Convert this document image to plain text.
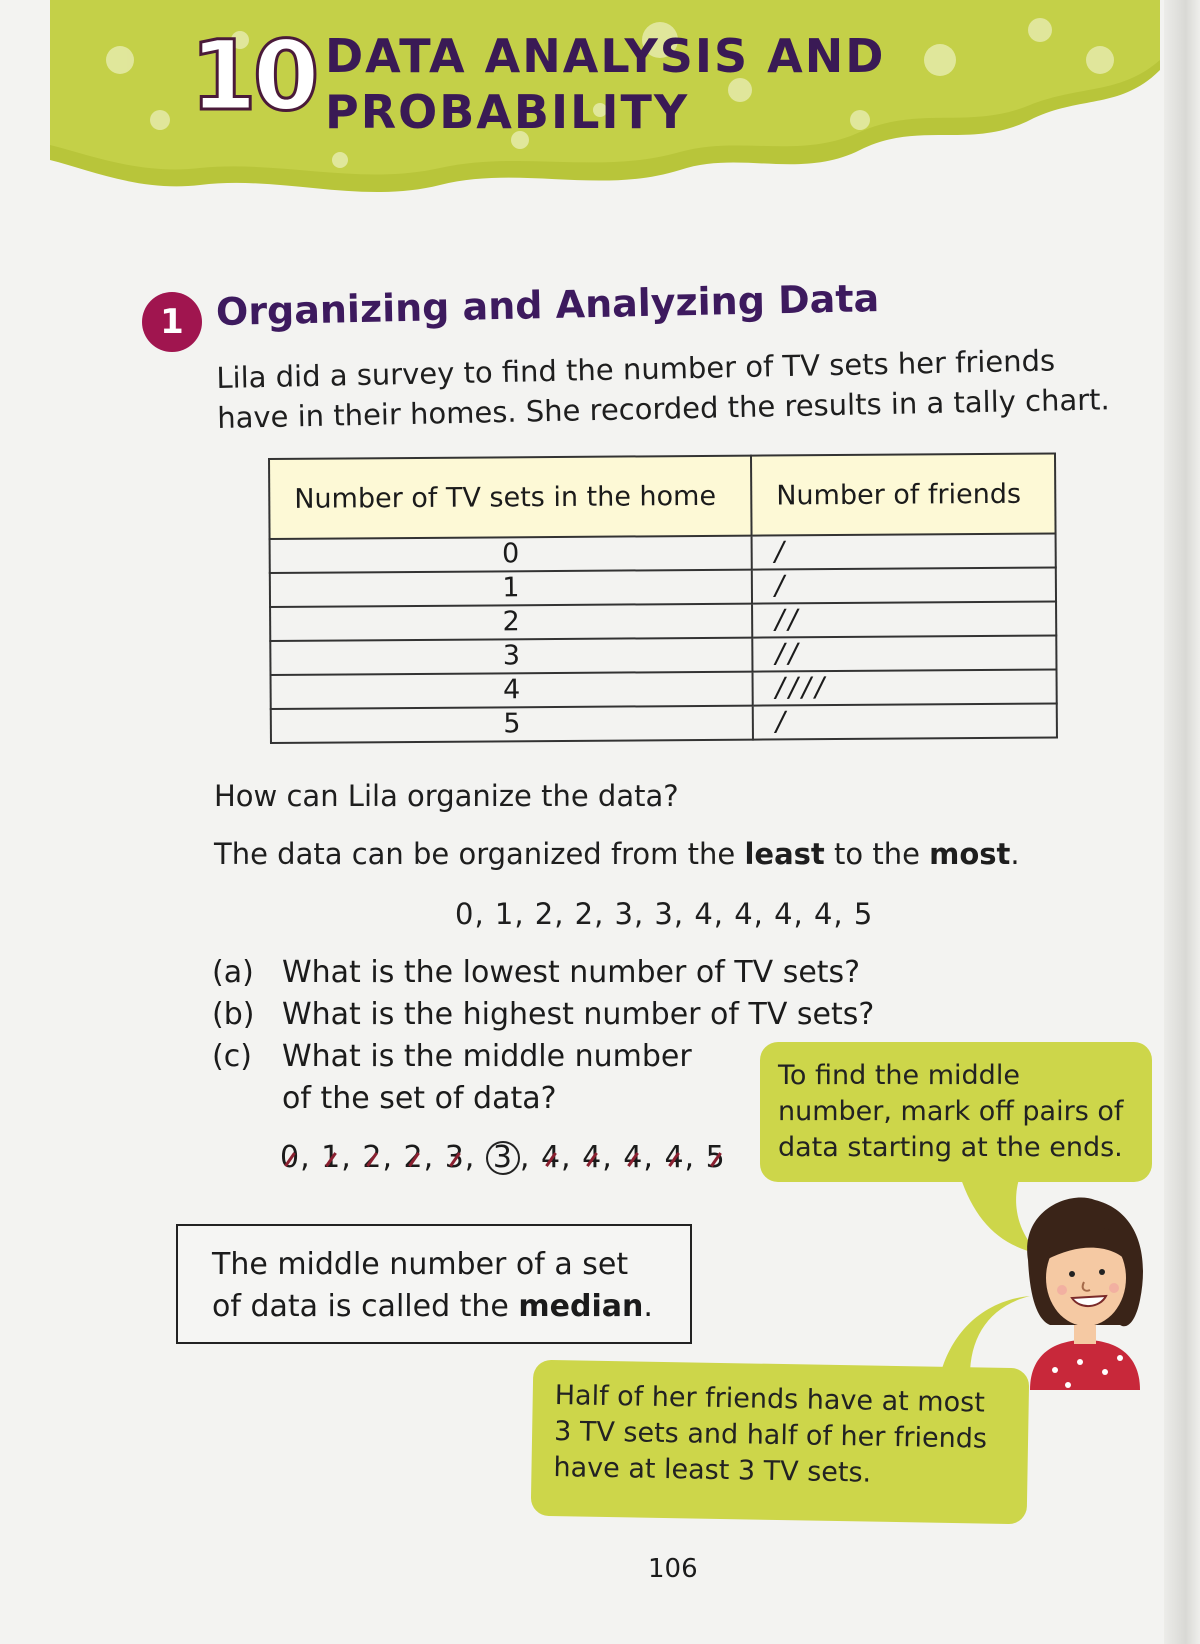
10 DATA ANALYSIS AND
PROBABILITY
1 Organizing and Analyzing Data
Lila did a survey to find the number of TV sets her friends
have in their homes. She recorded the results in a tally chart.
Number of TV sets in the home	Number of friends
0	/
1	/
2	//
3	//
4	////
5	/
How can Lila organize the data?
The data can be organized from the least to the most.
0, 1, 2, 2, 3, 3, 4, 4, 4, 4, 5
(a) What is the lowest number of TV sets?
(b) What is the highest number of TV sets?
(c)	What is the middle number
of the set of data?
0, 1, 2, 2, 3, 3 , 4, 4, 4, 4, 5
The middle number of a set of data is called the median.
To find the middle number, mark off pairs of data starting at the ends.
Half of her friends have at most 3 TV sets and half of her friends have at least 3 TV sets.
106
